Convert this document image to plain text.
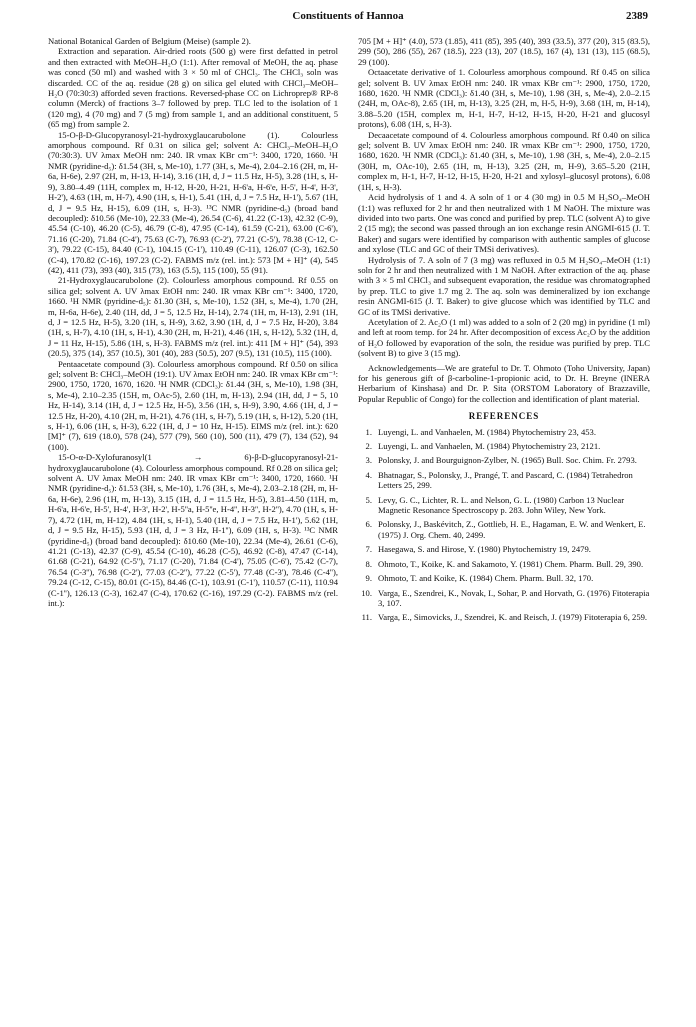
Constituents of Hannoa	2389

National Botanical Garden of Belgium (Meise) (sample 2).

Extraction and separation. Air-dried roots (500 g) were first defatted in petrol and then extracted with MeOH–H₂O (1:1). After removal of MeOH, the aq. phase was concd (50 ml) and washed with 3 × 50 ml of CHCl₃. The CHCl₃ soln was discarded. CC of the aq. residue (28 g) on silica gel eluted with CHCl₃–MeOH–H₂O (70:30:3) afforded seven fractions. Reversed-phase CC on Lichroprep® RP-8 column (Merck) of fractions 3–7 followed by prep. TLC led to the isolation of 1 (120 mg), 4 (70 mg) and 7 (5 mg) from sample 1, and an additional constituent, 5 (65 mg) from sample 2.

15-O-β-D-Glucopyranosyl-21-hydroxyglaucarubolone (1). Colourless amorphous compound. Rf 0.31 on silica gel; solvent A: CHCl₃–MeOH–H₂O (70:30:3). UV λmax MeOH nm: 240. IR νmax KBr cm⁻¹: 3400, 1720, 1660. ¹H NMR (pyridine-d₅): δ1.54 (3H, s, Me-10), 1.77 (3H, s, Me-4), 2.04–2.16 (2H, m, H-6a, H-6e), 2.97 (2H, m, H-13, H-14), 3.16 (1H, d, J = 11.5 Hz, H-5), 3.28 (1H, s, H-9), 3.80–4.49 (11H, complex m, H-12, H-20, H-21, H-6'a, H-6'e, H-5', H-4', H-3', H-2'), 4.63 (1H, m, H-7), 4.90 (1H, s, H-1), 5.41 (1H, d, J = 7.5 Hz, H-1'), 5.67 (1H, d, J = 9.5 Hz, H-15), 6.09 (1H, s, H-3). ¹³C NMR (pyridine-d₅) (broad band decoupled): δ10.56 (Me-10), 22.33 (Me-4), 26.54 (C-6), 41.22 (C-13), 42.32 (C-9), 45.54 (C-10), 46.20 (C-5), 46.79 (C-8), 47.95 (C-14), 61.59 (C-21), 63.00 (C-6'), 71.16 (C-20), 71.84 (C-4'), 75.63 (C-7), 76.93 (C-2'), 77.21 (C-5'), 78.38 (C-12, C-3'), 79.22 (C-15), 84.40 (C-1), 104.15 (C-1'), 110.49 (C-11), 126.07 (C-3), 162.50 (C-4), 170.82 (C-16), 197.23 (C-2). FABMS m/z (rel. int.): 573 [M + H]⁺ (4), 545 (42), 411 (73), 393 (40), 315 (73), 163 (5.5), 115 (100), 55 (91).

21-Hydroxyglaucarubolone (2). Colourless amorphous compound. Rf 0.55 on silica gel; solvent A. UV λmax EtOH nm: 240. IR νmax KBr cm⁻¹: 3400, 1720, 1660. ¹H NMR (pyridine-d₅): δ1.30 (3H, s, Me-10), 1.52 (3H, s, Me-4), 1.70 (2H, m, H-6a, H-6e), 2.40 (1H, dd, J = 5, 12.5 Hz, H-14), 2.74 (1H, m, H-13), 2.91 (1H, d, J = 12.5 Hz, H-5), 3.20 (1H, s, H-9), 3.62, 3.90 (1H, d, J = 7.5 Hz, H-20), 3.84 (1H, s, H-7), 4.10 (1H, s, H-1), 4.30 (2H, m, H-21), 4.46 (1H, s, H-12), 5.32 (1H, d, J = 11 Hz, H-15), 5.86 (1H, s, H-3). FABMS m/z (rel. int.): 411 [M + H]⁺ (54), 393 (20.5), 375 (14), 357 (10.5), 301 (40), 283 (50.5), 207 (9.5), 131 (10.5), 115 (100).

Pentaacetate compound (3). Colourless amorphous compound. Rf 0.50 on silica gel; solvent B: CHCl₃–MeOH (19:1). UV λmax EtOH nm: 240. IR νmax KBr cm⁻¹: 2900, 1750, 1720, 1670, 1620. ¹H NMR (CDCl₃): δ1.44 (3H, s, Me-10), 1.98 (3H, s, Me-4), 2.10–2.35 (15H, m, OAc-5), 2.60 (1H, m, H-13), 2.94 (1H, dd, J = 5, 10 Hz, H-14), 3.14 (1H, d, J = 12.5 Hz, H-5), 3.56 (1H, s, H-9), 3.90, 4.66 (1H, d, J = 12.5 Hz, H-20), 4.10 (2H, m, H-21), 4.76 (1H, s, H-7), 5.19 (1H, s, H-12), 5.20 (1H, s, H-1), 6.06 (1H, s, H-3), 6.22 (1H, d, J = 10 Hz, H-15). EIMS m/z (rel. int.): 620 [M]⁺ (7), 619 (18.0), 578 (24), 577 (79), 560 (10), 500 (11), 479 (7), 134 (52), 94 (100).

15-O-α-D-Xylofuranosyl(1 → 6)-β-D-glucopyranosyl-21-hydroxyglaucarubolone (4). Colourless amorphous compound. Rf 0.28 on silica gel; solvent A. UV λmax MeOH nm: 240. IR νmax KBr cm⁻¹: 3400, 1720, 1660. ¹H NMR (pyridine-d₅): δ1.53 (3H, s, Me-10), 1.76 (3H, s, Me-4), 2.03–2.18 (2H, m, H-6a, H-6e), 2.96 (1H, m, H-13), 3.15 (1H, d, J = 11.5 Hz, H-5), 3.81–4.50 (11H, m, H-6'a, H-6'e, H-5', H-4', H-3', H-2', H-5''a, H-5''e, H-4'', H-3'', H-2''), 4.70 (1H, s, H-7), 4.72 (1H, m, H-12), 4.84 (1H, s, H-1), 5.40 (1H, d, J = 7.5 Hz, H-1'), 5.62 (1H, d, J = 9.5 Hz, H-15), 5.93 (1H, d, J = 3 Hz, H-1''), 6.09 (1H, s, H-3). ¹³C NMR (pyridine-d₅) (broad band decoupled): δ10.60 (Me-10), 22.34 (Me-4), 26.61 (C-6), 41.21 (C-13), 42.37 (C-9), 45.54 (C-10), 46.28 (C-5), 46.92 (C-8), 47.47 (C-14), 61.68 (C-21), 64.92 (C-5''), 71.17 (C-20), 71.84 (C-4'), 75.05 (C-6'), 75.42 (C-7), 76.54 (C-3''), 76.98 (C-2'), 77.03 (C-2''), 77.22 (C-5'), 77.48 (C-3'), 78.46 (C-4''), 79.24 (C-12, C-15), 80.01 (C-15), 84.46 (C-1), 103.91 (C-1'), 110.57 (C-11), 110.94 (C-1''), 126.13 (C-3), 162.47 (C-4), 170.62 (C-16), 197.29 (C-2). FABMS m/z (rel. int.):

705 [M + H]⁺ (4.0), 573 (1.85), 411 (85), 395 (40), 393 (33.5), 377 (20), 315 (83.5), 299 (50), 286 (55), 267 (18.5), 223 (13), 207 (18.5), 167 (4), 131 (13), 115 (68.5), 29 (100).

Octaacetate derivative of 1. Colourless amorphous compound. Rf 0.45 on silica gel; solvent B. UV λmax EtOH nm: 240. IR νmax KBr cm⁻¹: 2900, 1750, 1720, 1680, 1620. ¹H NMR (CDCl₃): δ1.40 (3H, s, Me-10), 1.98 (3H, s, Me-4), 2.0–2.15 (24H, m, OAc-8), 2.65 (1H, m, H-13), 3.25 (2H, m, H-5, H-9), 3.68 (1H, m, H-14), 3.88–5.20 (15H, complex m, H-1, H-7, H-12, H-15, H-20, H-21 and glucosyl protons), 6.08 (1H, s, H-3).

Decaacetate compound of 4. Colourless amorphous compound. Rf 0.40 on silica gel; solvent B. UV λmax EtOH nm: 240. IR νmax KBr cm⁻¹: 2900, 1750, 1720, 1680, 1620. ¹H NMR (CDCl₃): δ1.40 (3H, s, Me-10), 1.98 (3H, s, Me-4), 2.0–2.15 (30H, m, OAc-10), 2.65 (1H, m, H-13), 3.25 (2H, m, H-9), 3.65–5.20 (21H, complex m, H-1, H-7, H-12, H-15, H-20, H-21 and xylosyl–glucosyl protons), 6.08 (1H, s, H-3).

Acid hydrolysis of 1 and 4. A soln of 1 or 4 (30 mg) in 0.5 M H₂SO₄–MeOH (1:1) was refluxed for 2 hr and then neutralized with 1 M NaOH. The mixture was divided into two parts. One was concd and purified by prep. TLC (solvent A) to give 2 (15 mg); the second was passed through an ion exchange resin ANGMI-615 (J. T. Baker) and sugars were identified by comparison with authentic samples of glucose and xylose (TLC and GC of their TMSi derivatives).

Hydrolysis of 7. A soln of 7 (3 mg) was refluxed in 0.5 M H₂SO₄–MeOH (1:1) soln for 2 hr and then neutralized with 1 M NaOH. After extraction of the aq. phase with 3 × 5 ml CHCl₃ and subsequent evaporation, the residue was chromatographed by prep. TLC to give 1.7 mg 2. The aq. soln was demineralized by ion exchange resin ANGMI-615 (J. T. Baker) to give glucose which was identified by TLC and GC of its TMSi derivative.

Acetylation of 2. Ac₂O (1 ml) was added to a soln of 2 (20 mg) in pyridine (1 ml) and left at room temp. for 24 hr. After decomposition of excess Ac₂O by the addition of H₂O followed by evaporation of the soln, the residue was purified by prep. TLC (solvent B) to give 3 (15 mg).

Acknowledgements—We are grateful to Dr. T. Ohmoto (Toho University, Japan) for his generous gift of β-carboline-1-propionic acid, to Dr. H. Breyne (INERA Herbarium of Kinshasa) and Dr. P. Sita (ORSTOM Laboratory of Brazzaville, Popular Republic of Congo) for the collection and identification of plant material.

REFERENCES
1. Luyengi, L. and Vanhaelen, M. (1984) Phytochemistry 23, 453.
2. Luyengi, L. and Vanhaelen, M. (1984) Phytochemistry 23, 2121.
3. Polonsky, J. and Bourguignon-Zylber, N. (1965) Bull. Soc. Chim. Fr. 2793.
4. Bhatnagar, S., Polonsky, J., Prangé, T. and Pascard, C. (1984) Tetrahedron Letters 25, 299.
5. Levy, G. C., Lichter, R. L. and Nelson, G. L. (1980) Carbon 13 Nuclear Magnetic Resonance Spectroscopy p. 283. John Wiley, New York.
6. Polonsky, J., Baskévitch, Z., Gottlieb, H. E., Hagaman, E. W. and Wenkert, E. (1975) J. Org. Chem. 40, 2499.
7. Hasegawa, S. and Hirose, Y. (1980) Phytochemistry 19, 2479.
8. Ohmoto, T., Koike, K. and Sakamoto, Y. (1981) Chem. Pharm. Bull. 29, 390.
9. Ohmoto, T. and Koike, K. (1984) Chem. Pharm. Bull. 32, 170.
10. Varga, E., Szendrei, K., Novak, I., Sohar, P. and Horvath, G. (1976) Fitoterapia 3, 107.
11. Varga, E., Simovicks, J., Szendrei, K. and Reisch, J. (1979) Fitoterapia 6, 259.
